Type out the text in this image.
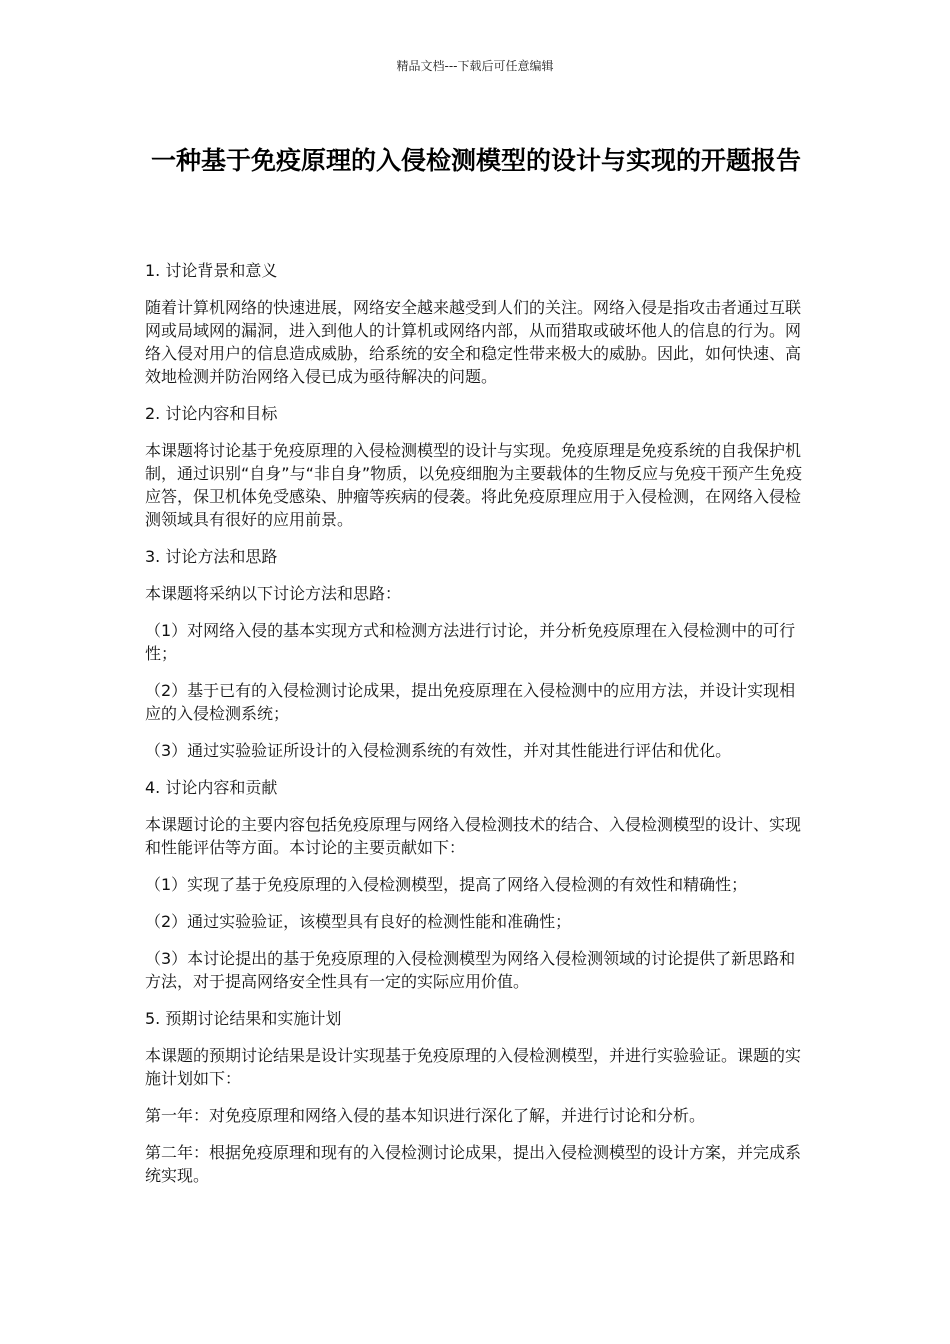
精品文档---下载后可任意编辑
一种基于免疫原理的入侵检测模型的设计与实现的开题报告

1. 讨论背景和意义

随着计算机网络的快速进展，网络安全越来越受到人们的关注。网络入侵是指攻击者通过互联网或局域网的漏洞，进入到他人的计算机或网络内部，从而猎取或破坏他人的信息的行为。网络入侵对用户的信息造成威胁，给系统的安全和稳定性带来极大的威胁。因此，如何快速、高效地检测并防治网络入侵已成为亟待解决的问题。

2. 讨论内容和目标

本课题将讨论基于免疫原理的入侵检测模型的设计与实现。免疫原理是免疫系统的自我保护机制，通过识别“自身”与“非自身”物质，以免疫细胞为主要载体的生物反应与免疫干预产生免疫应答，保卫机体免受感染、肿瘤等疾病的侵袭。将此免疫原理应用于入侵检测，在网络入侵检测领域具有很好的应用前景。

3. 讨论方法和思路

本课题将采纳以下讨论方法和思路：

（1）对网络入侵的基本实现方式和检测方法进行讨论，并分析免疫原理在入侵检测中的可行性；

（2）基于已有的入侵检测讨论成果，提出免疫原理在入侵检测中的应用方法，并设计实现相应的入侵检测系统；

（3）通过实验验证所设计的入侵检测系统的有效性，并对其性能进行评估和优化。

4. 讨论内容和贡献

本课题讨论的主要内容包括免疫原理与网络入侵检测技术的结合、入侵检测模型的设计、实现和性能评估等方面。本讨论的主要贡献如下：

（1）实现了基于免疫原理的入侵检测模型，提高了网络入侵检测的有效性和精确性；

（2）通过实验验证，该模型具有良好的检测性能和准确性；

（3）本讨论提出的基于免疫原理的入侵检测模型为网络入侵检测领域的讨论提供了新思路和方法，对于提高网络安全性具有一定的实际应用价值。

5. 预期讨论结果和实施计划

本课题的预期讨论结果是设计实现基于免疫原理的入侵检测模型，并进行实验验证。课题的实施计划如下：

第一年：对免疫原理和网络入侵的基本知识进行深化了解，并进行讨论和分析。

第二年：根据免疫原理和现有的入侵检测讨论成果，提出入侵检测模型的设计方案，并完成系统实现。
